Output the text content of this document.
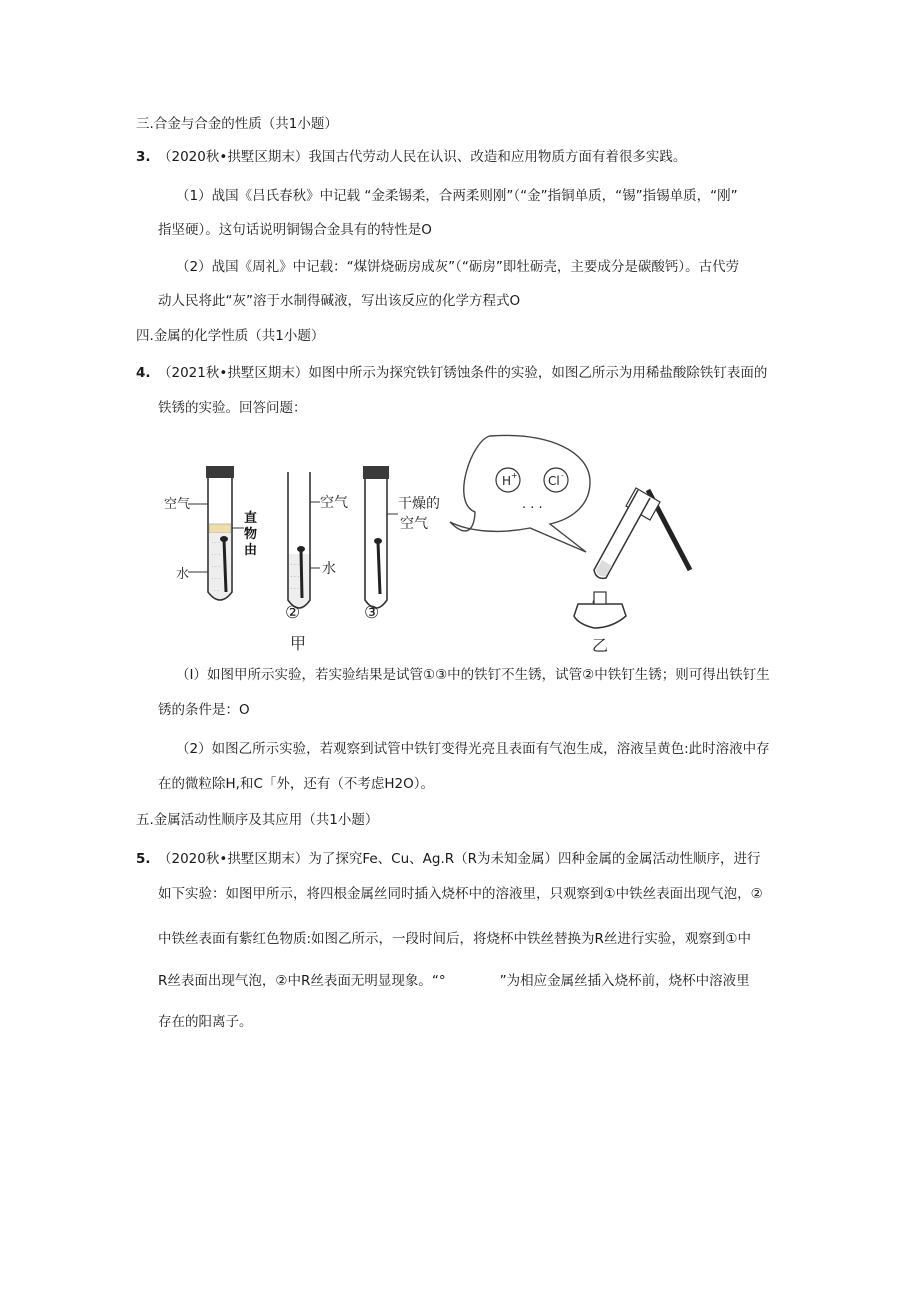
三.合金与合金的性质（共1小题）
3. （2020秋•拱墅区期末）我国古代劳动人民在认识、改造和应用物质方面有着很多实践。
（1）战国《吕氏春秋》中记载 “金柔锡柔，合两柔则刚”（“金”指铜单质，“锡”指锡单质，“刚”
指坚硬）。这句话说明铜锡合金具有的特性是O
（2）战国《周礼》中记载：“煤饼烧砺房成灰”（“砺房”即牡砺壳，主要成分是碳酸钙）。古代劳
动人民将此“灰”溶于水制得碱液，写出该反应的化学方程式O
四.金属的化学性质（共1小题）
4. （2021秋•拱墅区期末）如图中所示为探究铁钉锈蚀条件的实验，如图乙所示为用稀盐酸除铁钉表面的
铁锈的实验。回答问题：
· · ·
· · ·
· · ·
· · ·
· ·
空气
直
物
由
水
· · ·
· · ·
· · ·
空气
水
②
干燥的
空气
③
甲
H +	Cl -
· · ·
乙
（I）如图甲所示实验，若实验结果是试管①③中的铁钉不生锈，试管②中铁钉生锈；则可得出铁钉生
锈的条件是：O
（2）如图乙所示实验，若观察到试管中铁钉变得光亮且表面有气泡生成，溶液呈黄色:此时溶液中存
在的微粒除H,和C「外，还有（不考虑H2O）。
五.金属活动性顺序及其应用（共1小题）
5. （2020秋•拱墅区期末）为了探究Fe、Cu、Ag.R（R为未知金属）四种金属的金属活动性顺序，进行
如下实验：如图甲所示，将四根金属丝同时插入烧杯中的溶液里，只观察到①中铁丝表面出现气泡，②
中铁丝表面有紫红色物质:如图乙所示，一段时间后，将烧杯中铁丝替换为R丝进行实验，观察到①中
R丝表面出现气泡，②中R丝表面无明显现象。“°　　　　”为相应金属丝插入烧杯前，烧杯中溶液里
存在的阳离子。
